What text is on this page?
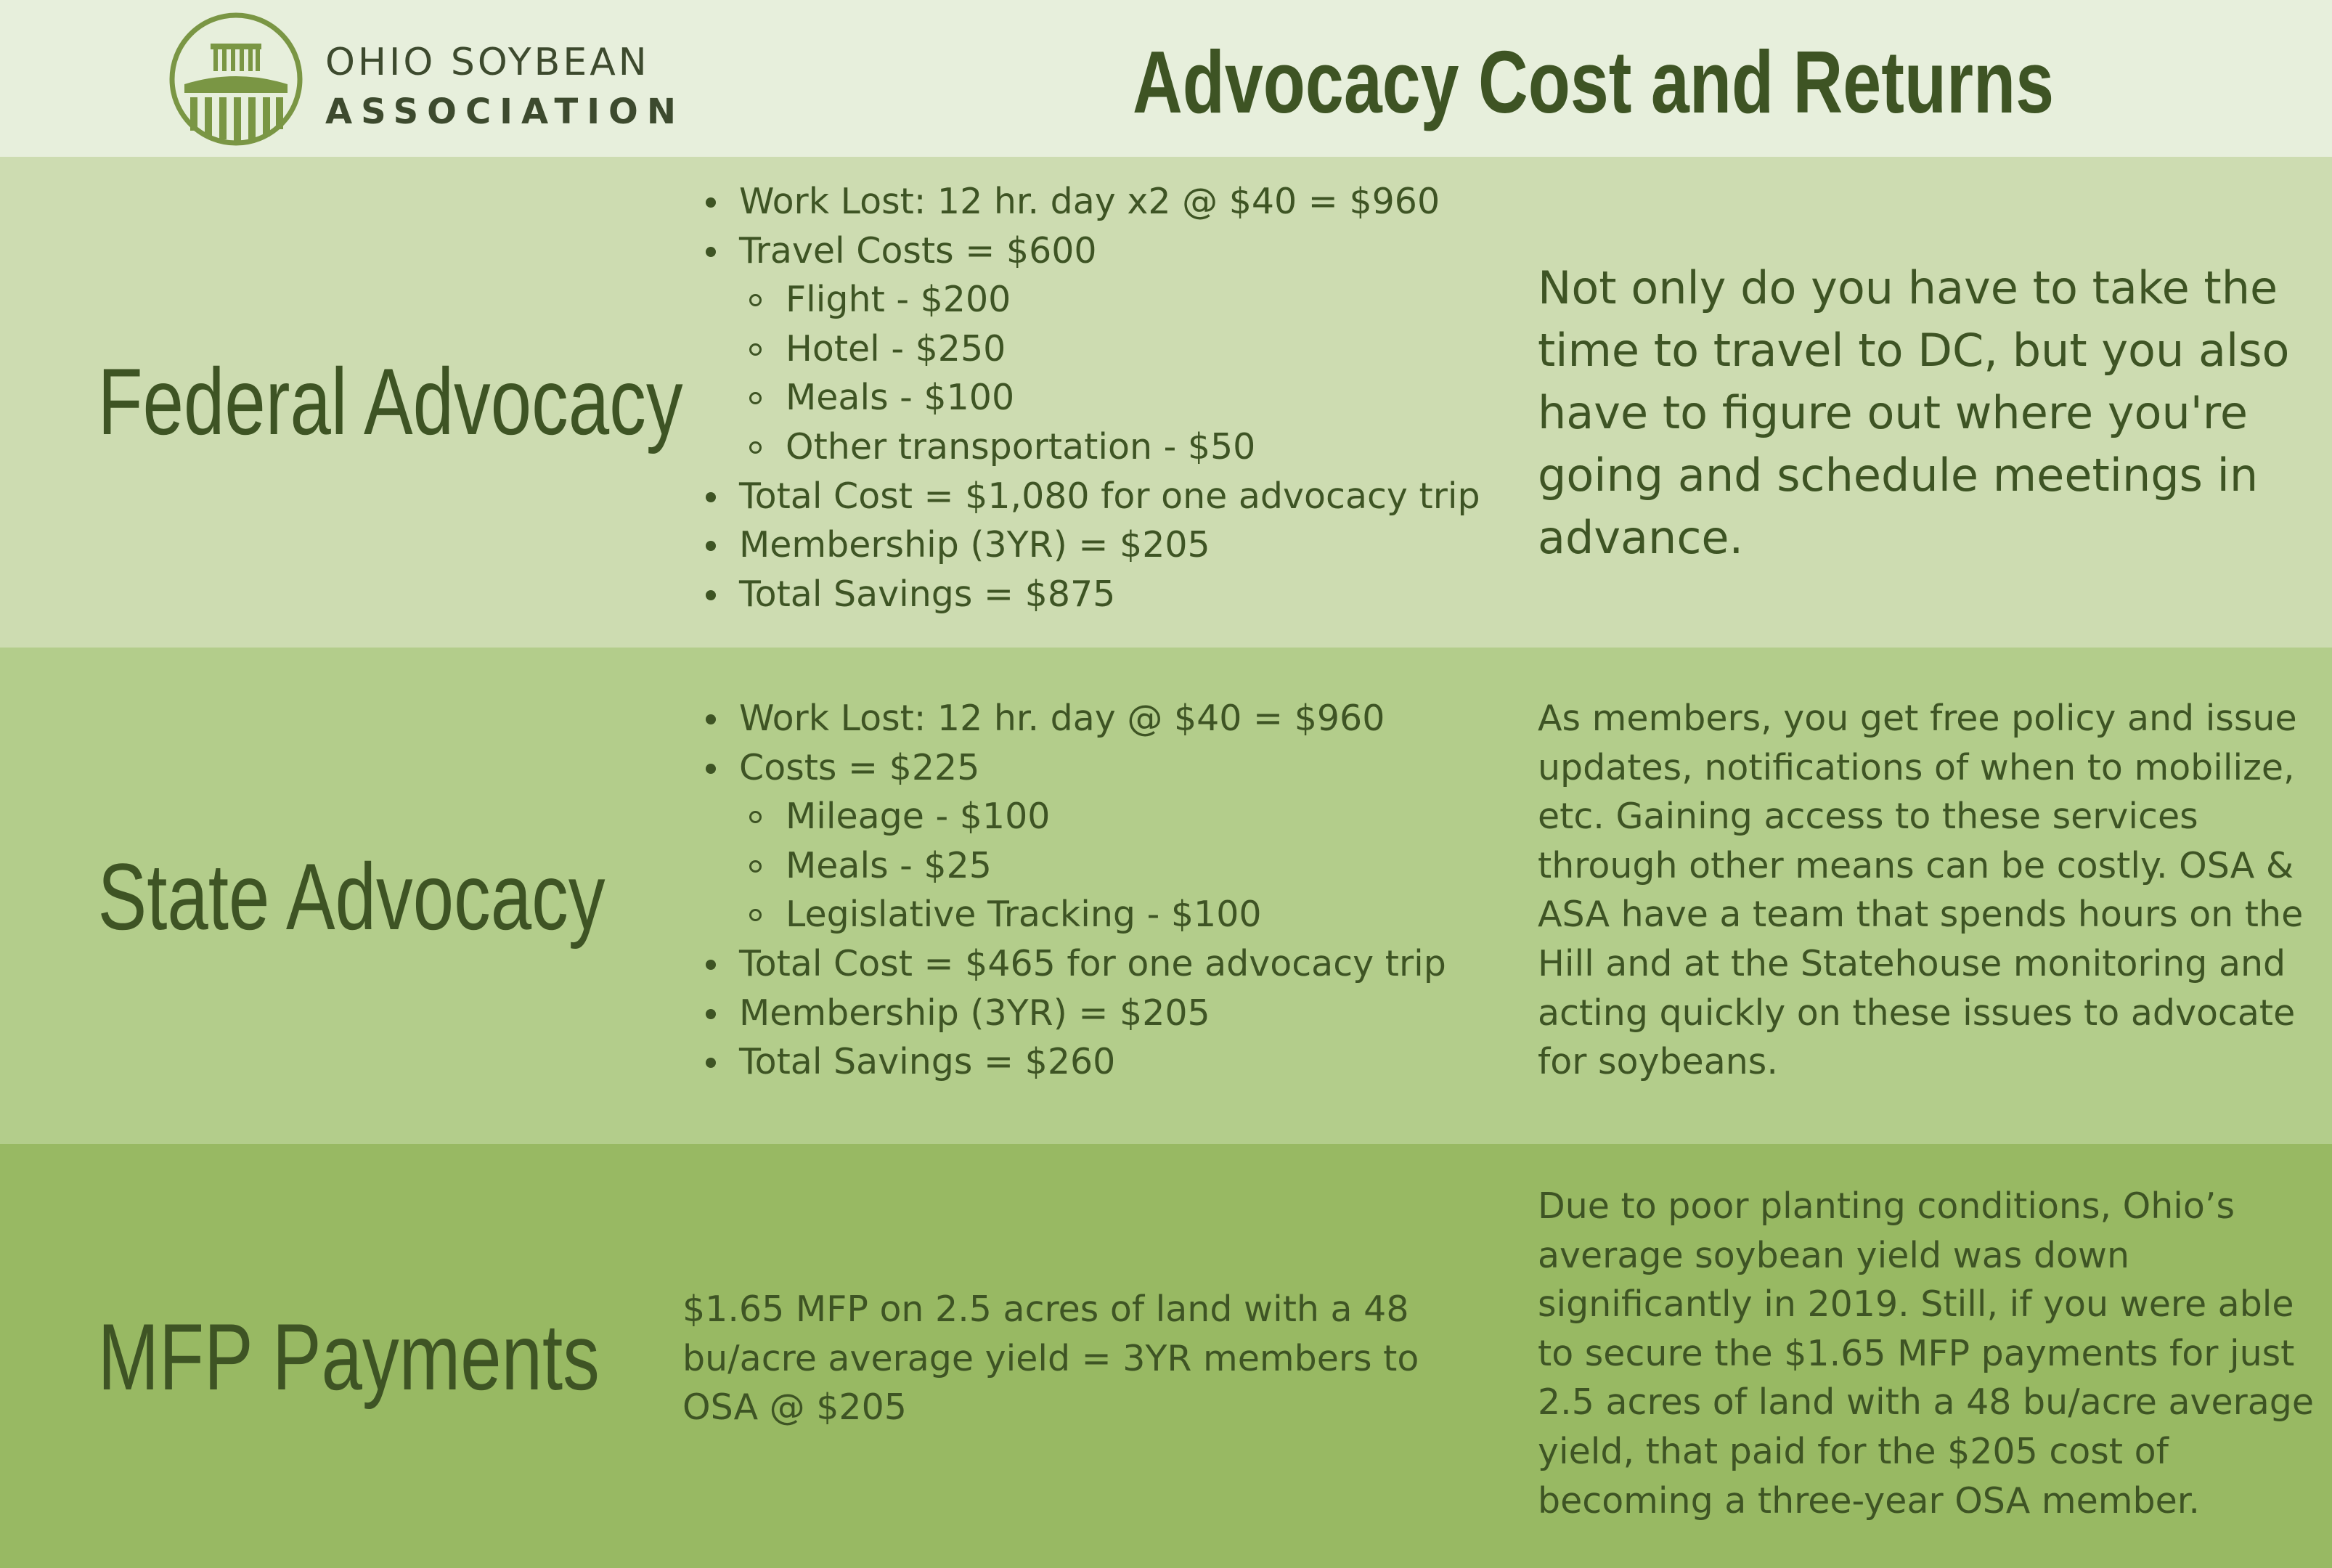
OHIO SOYBEAN
ASSOCIATION	Advocacy Cost and Returns
Federal Advocacy
Work Lost: 12 hr. day x2 @ $40 = $960
Travel Costs = $600
Flight - $200
Hotel - $250
Meals - $100
Other transportation - $50
Total Cost = $1,080 for one advocacy trip
Membership (3YR) = $205
Total Savings = $875
Not only do you have to take the time to travel to DC, but you also have to figure out where you're going and schedule meetings in advance.
State Advocacy
Work Lost: 12 hr. day @ $40 = $960
Costs = $225
Mileage - $100
Meals - $25
Legislative Tracking - $100
Total Cost = $465 for one advocacy trip
Membership (3YR) = $205
Total Savings = $260
As members, you get free policy and issue updates, notifications of when to mobilize, etc. Gaining access to these services through other means can be costly. OSA & ASA have a team that spends hours on the Hill and at the Statehouse monitoring and acting quickly on these issues to advocate for soybeans.
MFP Payments
Due to poor planting conditions, Ohio’s average soybean yield was down significantly in 2019. Still, if you were able to secure the $1.65 MFP payments for just 2.5 acres of land with a 48 bu/acre average yield, that paid for the $205 cost of becoming a three-year OSA member.
$1.65 MFP on 2.5 acres of land with a 48 bu/acre average yield = 3YR members to OSA @ $205
